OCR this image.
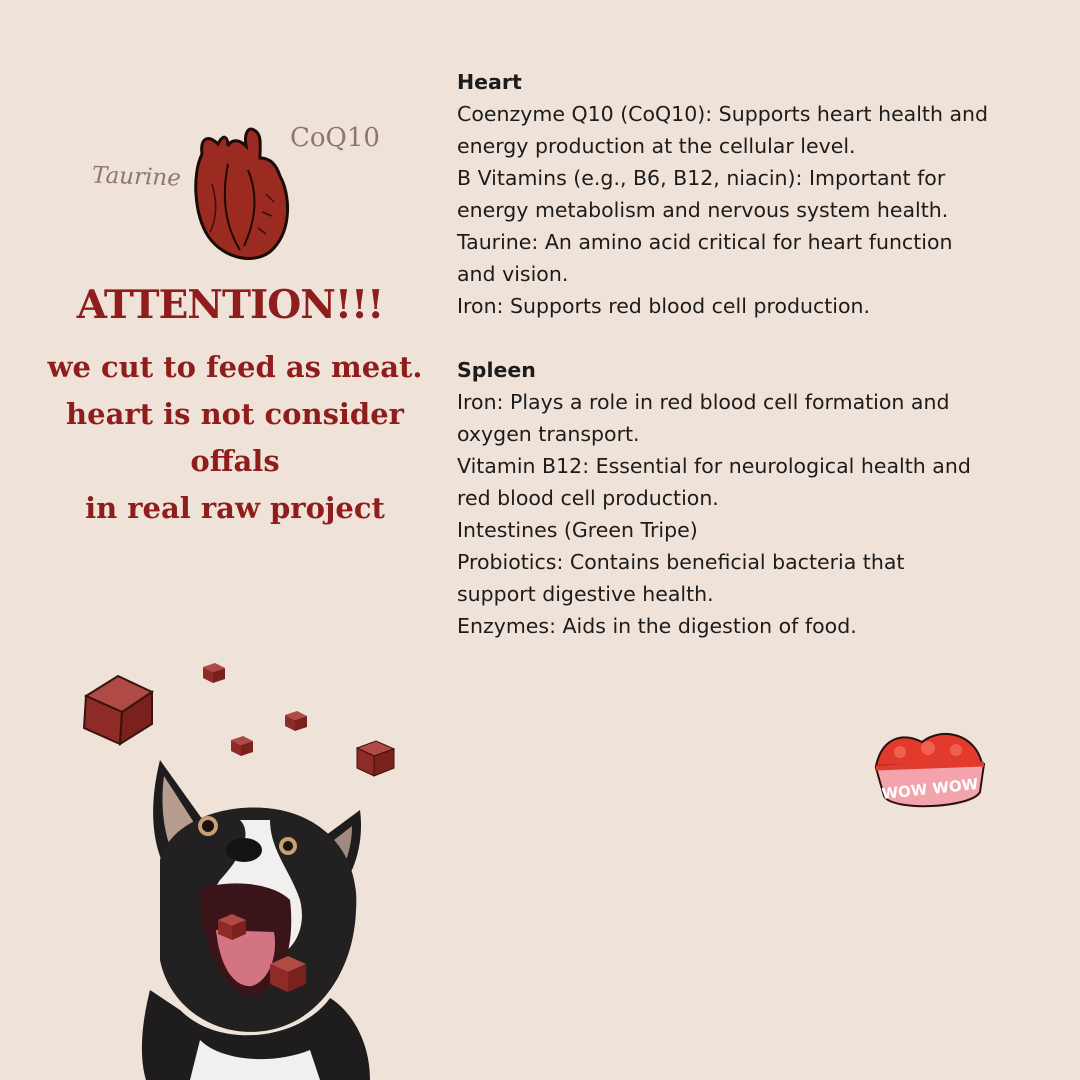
Taurine
CoQ10
ATTENTION!!!
we cut to feed as meat.
heart is not consider offals
in real raw project
Heart
Coenzyme Q10 (CoQ10): Supports heart health and
energy production at the cellular level.
B Vitamins (e.g., B6, B12, niacin): Important for
energy metabolism and nervous system health.
Taurine: An amino acid critical for heart function
and vision.
Iron: Supports red blood cell production.
Spleen
Iron: Plays a role in red blood cell formation and
oxygen transport.
Vitamin B12: Essential for neurological health and
red blood cell production.
Intestines (Green Tripe)
Probiotics: Contains beneficial bacteria that
support digestive health.
Enzymes: Aids in the digestion of food.
WOW WOW
